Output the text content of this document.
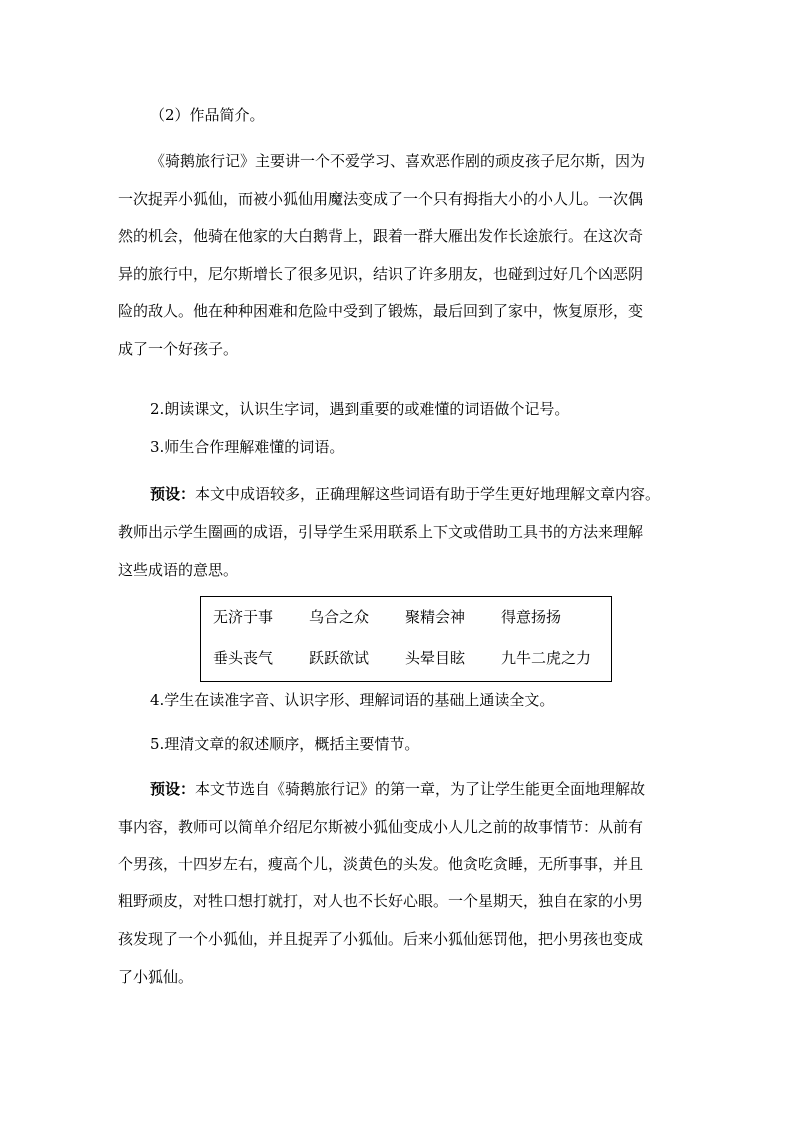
（2）作品简介。
《骑鹅旅行记》主要讲一个不爱学习、喜欢恶作剧的顽皮孩子尼尔斯，因为
一次捉弄小狐仙，而被小狐仙用魔法变成了一个只有拇指大小的小人儿。一次偶
然的机会，他骑在他家的大白鹅背上，跟着一群大雁出发作长途旅行。在这次奇
异的旅行中，尼尔斯增长了很多见识，结识了许多朋友，也碰到过好几个凶恶阴
险的敌人。他在种种困难和危险中受到了锻炼，最后回到了家中，恢复原形，变
成了一个好孩子。
2.朗读课文，认识生字词，遇到重要的或难懂的词语做个记号。
3.师生合作理解难懂的词语。
预设：本文中成语较多，正确理解这些词语有助于学生更好地理解文章内容。
教师出示学生圈画的成语，引导学生采用联系上下文或借助工具书的方法来理解
这些成语的意思。
无济于事 乌合之众 聚精会神 得意扬扬
垂头丧气 跃跃欲试 头晕目眩 九牛二虎之力
4.学生在读准字音、认识字形、理解词语的基础上通读全文。
5.理清文章的叙述顺序，概括主要情节。
预设：本文节选自《骑鹅旅行记》的第一章，为了让学生能更全面地理解故
事内容，教师可以简单介绍尼尔斯被小狐仙变成小人儿之前的故事情节：从前有
个男孩，十四岁左右，瘦高个儿，淡黄色的头发。他贪吃贪睡，无所事事，并且
粗野顽皮，对牲口想打就打，对人也不长好心眼。一个星期天，独自在家的小男
孩发现了一个小狐仙，并且捉弄了小狐仙。后来小狐仙惩罚他，把小男孩也变成
了小狐仙。
